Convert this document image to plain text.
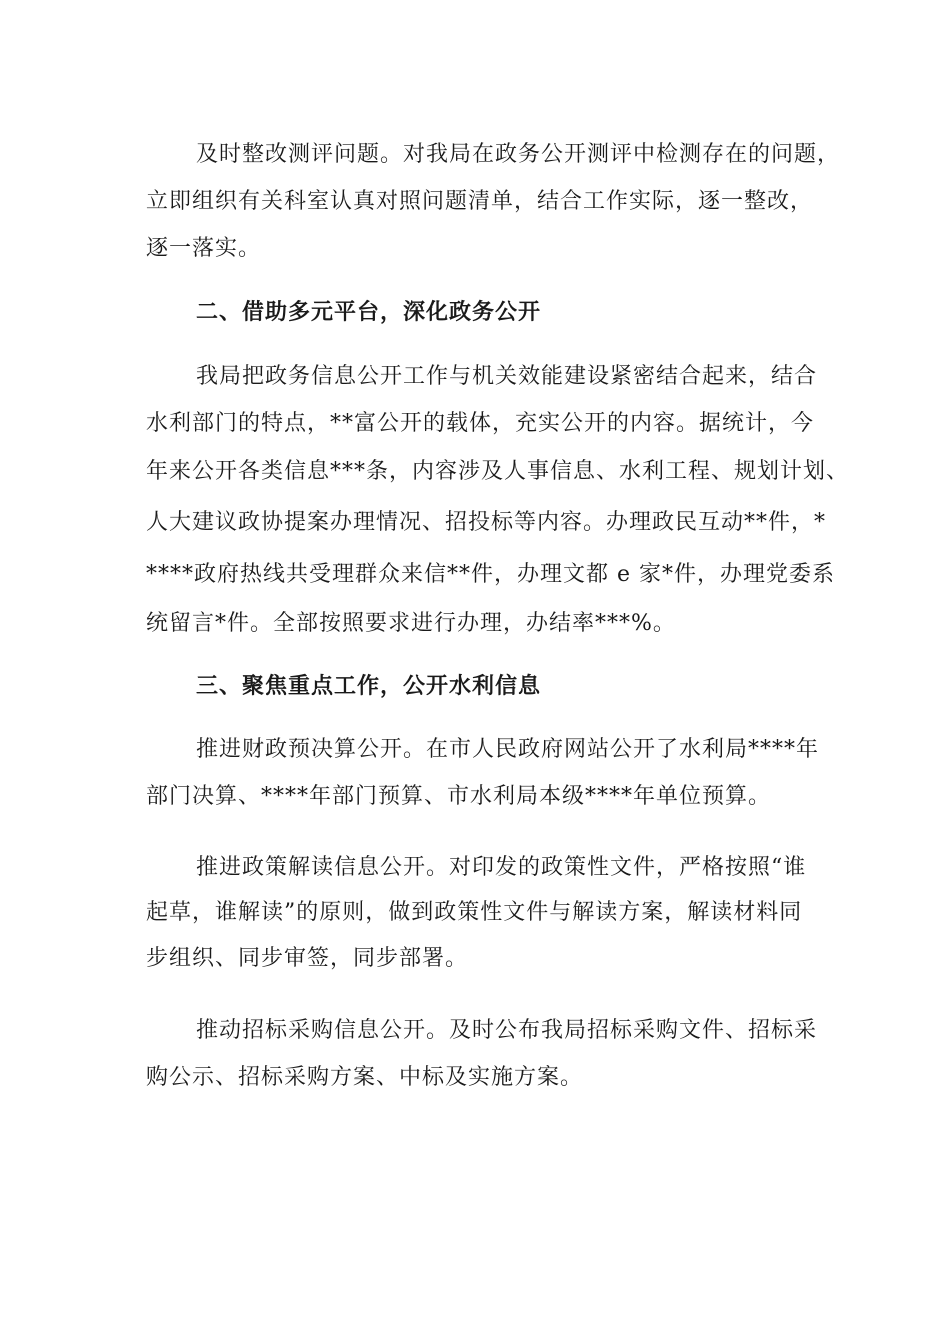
及时整改测评问题。对我局在政务公开测评中检测存在的问题，
立即组织有关科室认真对照问题清单，结合工作实际，逐一整改，
逐一落实。
二、借助多元平台，深化政务公开
我局把政务信息公开工作与机关效能建设紧密结合起来，结合
水利部门的特点，**富公开的载体，充实公开的内容。据统计，今
年来公开各类信息***条，内容涉及人事信息、水利工程、规划计划、
人大建议政协提案办理情况、招投标等内容。办理政民互动**件，*
****政府热线共受理群众来信**件，办理文都 e 家*件，办理党委系
统留言*件。全部按照要求进行办理，办结率***%。
三、聚焦重点工作，公开水利信息
推进财政预决算公开。在市人民政府网站公开了水利局****年
部门决算、****年部门预算、市水利局本级****年单位预算。
推进政策解读信息公开。对印发的政策性文件，严格按照“谁
起草，谁解读”的原则，做到政策性文件与解读方案，解读材料同
步组织、同步审签，同步部署。
推动招标采购信息公开。及时公布我局招标采购文件、招标采
购公示、招标采购方案、中标及实施方案。
